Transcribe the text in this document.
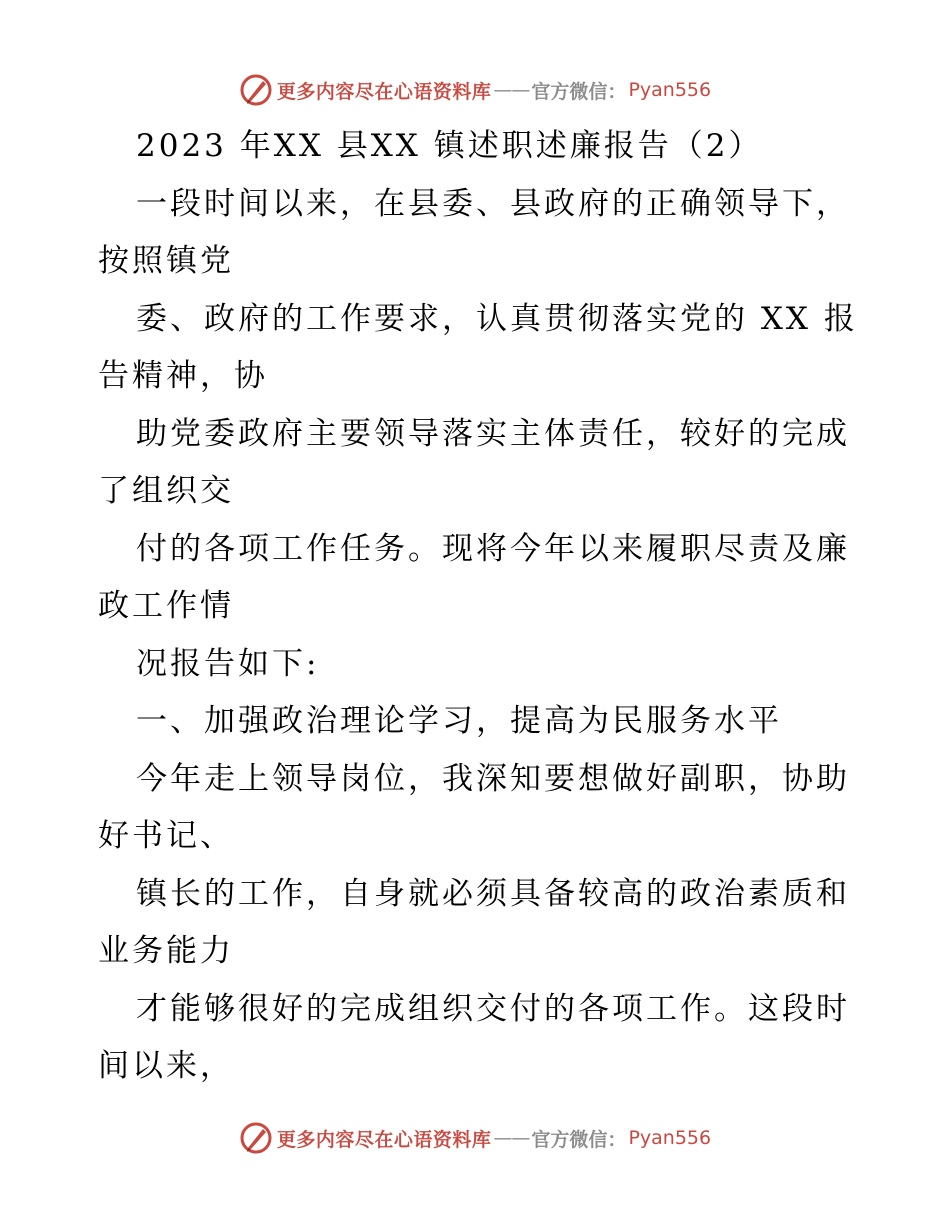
更多内容尽在心语资料库 —— 官方微信： Pyan556
2023 年XX 县XX 镇述职述廉报告（2）
一段时间以来，在县委、县政府的正确领导下，
按照镇党
委、政府的工作要求，认真贯彻落实党的 XX 报
告精神，协
助党委政府主要领导落实主体责任，较好的完成
了组织交
付的各项工作任务。现将今年以来履职尽责及廉
政工作情
况报告如下:
一、加强政治理论学习，提高为民服务水平
今年走上领导岗位，我深知要想做好副职，协助
好书记、
镇长的工作，自身就必须具备较高的政治素质和
业务能力
才能够很好的完成组织交付的各项工作。这段时
间以来，
更多内容尽在心语资料库 —— 官方微信： Pyan556
